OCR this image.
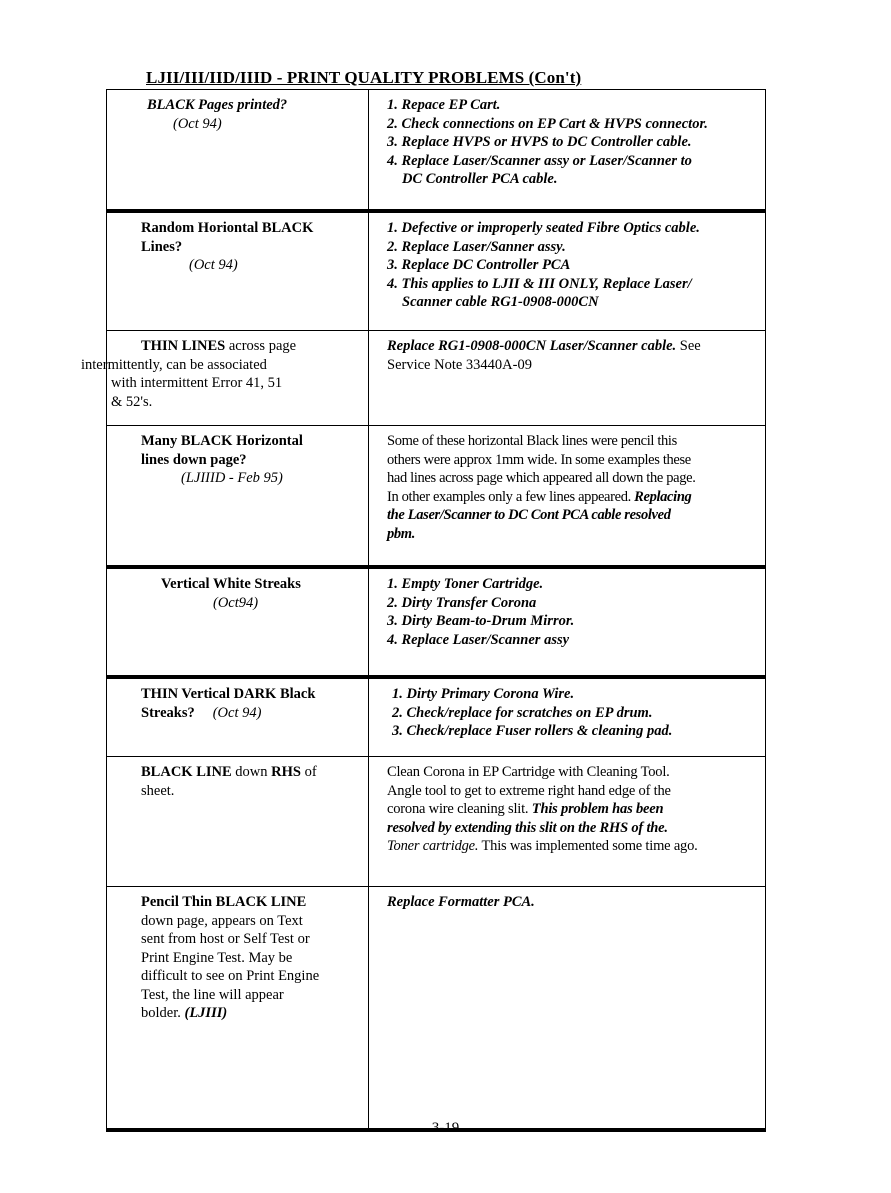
LJII/III/IID/IIID - PRINT QUALITY PROBLEMS (Con't)
BLACK Pages printed?
(Oct 94)
1. Repace EP Cart.
2. Check connections on EP Cart & HVPS connector.
3. Replace HVPS or HVPS to DC Controller cable.
4. Replace Laser/Scanner assy or Laser/Scanner to
DC Controller PCA cable.
Random Horiontal BLACK
Lines?
(Oct 94)
1. Defective or improperly seated Fibre Optics cable.
2. Replace Laser/Sanner assy.
3. Replace DC Controller PCA
4. This applies to LJII & III ONLY, Replace Laser/
Scanner cable RG1-0908-000CN
THIN LINES across page
intermittently, can be associated
with intermittent Error 41, 51
& 52's.
Replace RG1-0908-000CN Laser/Scanner cable. See
Service Note 33440A-09
Many BLACK Horizontal
lines down page?
(LJIIID - Feb 95)
Some of these horizontal Black lines were pencil this
others were approx 1mm wide. In some examples these
had lines across page which appeared all down the page.
In other examples only a few lines appeared. Replacing
the Laser/Scanner to DC Cont PCA cable resolved
pbm.
Vertical White Streaks
(Oct94)
1. Empty Toner Cartridge.
2. Dirty Transfer Corona
3. Dirty Beam-to-Drum Mirror.
4. Replace Laser/Scanner assy
THIN Vertical DARK Black
Streaks? (Oct 94)
1. Dirty Primary Corona Wire.
2. Check/replace for scratches on EP drum.
3. Check/replace Fuser rollers & cleaning pad.
BLACK LINE down RHS of
sheet.
Clean Corona in EP Cartridge with Cleaning Tool.
Angle tool to get to extreme right hand edge of the
corona wire cleaning slit. This problem has been
resolved by extending this slit on the RHS of the.
Toner cartridge. This was implemented some time ago.
Pencil Thin BLACK LINE
down page, appears on Text
sent from host or Self Test or
Print Engine Test. May be
difficult to see on Print Engine
Test, the line will appear
bolder. (LJIII)
Replace Formatter PCA.
3-19
